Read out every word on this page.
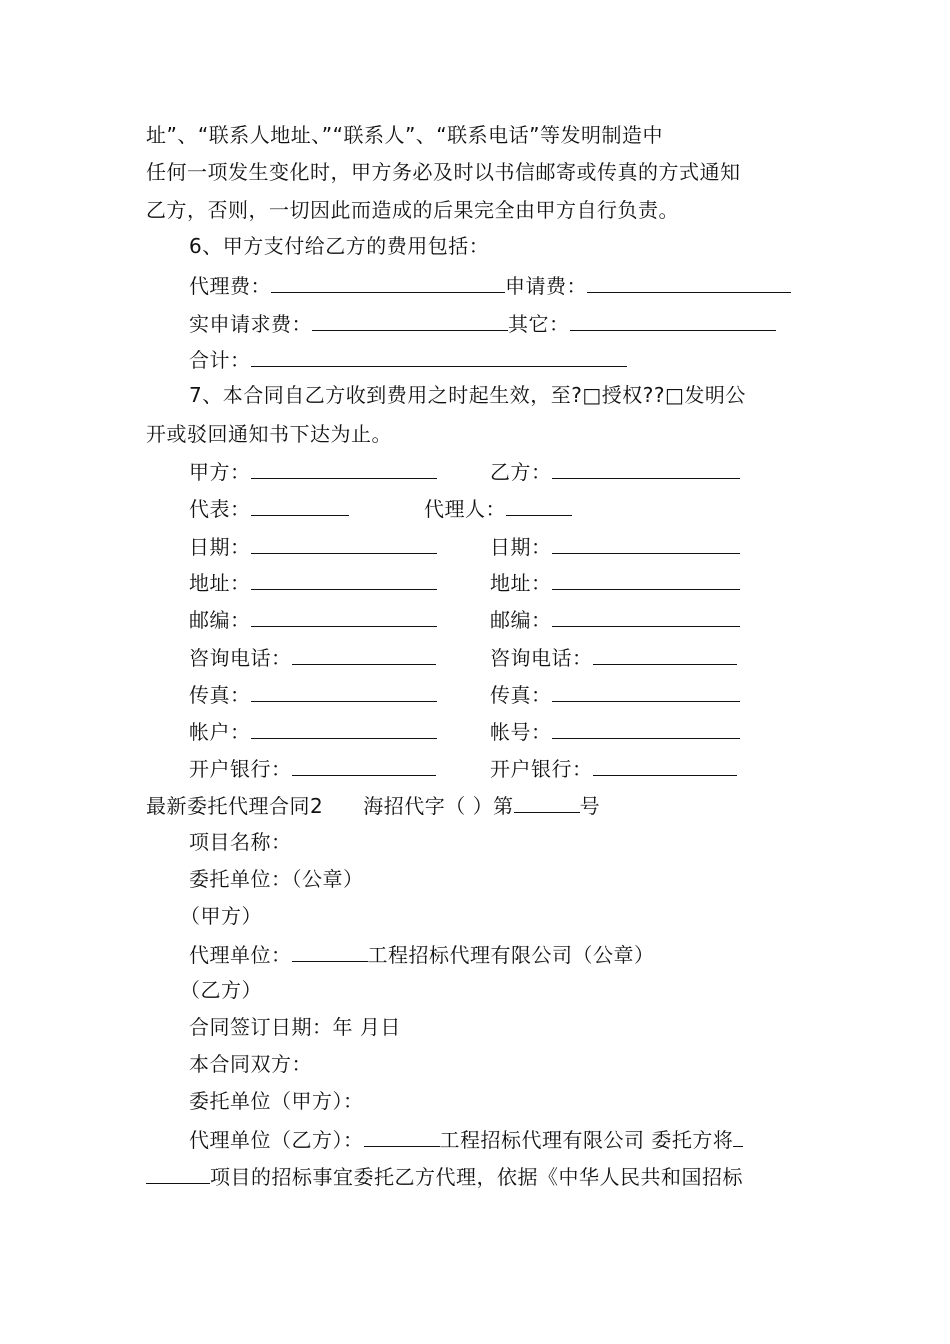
址”、“联系人地址、”“联系人”、“联系电话”等发明制造中
任何一项发生变化时，甲方务必及时以书信邮寄或传真的方式通知
乙方，否则，一切因此而造成的后果完全由甲方自行负责。
6、甲方支付给乙方的费用包括：
代理费：	申请费：
实申请求费：	其它：
合计：
7、本合同自乙方收到费用之时起生效，至?□授权??□发明公
开或驳回通知书下达为止。
甲方：	乙方：
代表：	代理人：
日期：	日期：
地址：	地址：
邮编：	邮编：
咨询电话：	咨询电话：
传真：	传真：
帐户：	帐号：
开户银行：	开户银行：
最新委托代理合同2 海招代字（ ）第	号
项目名称：
委托单位：（公章）
（甲方）
代理单位：	工程招标代理有限公司（公章）
（乙方）
合同签订日期：年 月日
本合同双方：
委托单位（甲方）：
代理单位（乙方）：	工程招标代理有限公司 委托方将
项目的招标事宜委托乙方代理，依据《中华人民共和国招标
